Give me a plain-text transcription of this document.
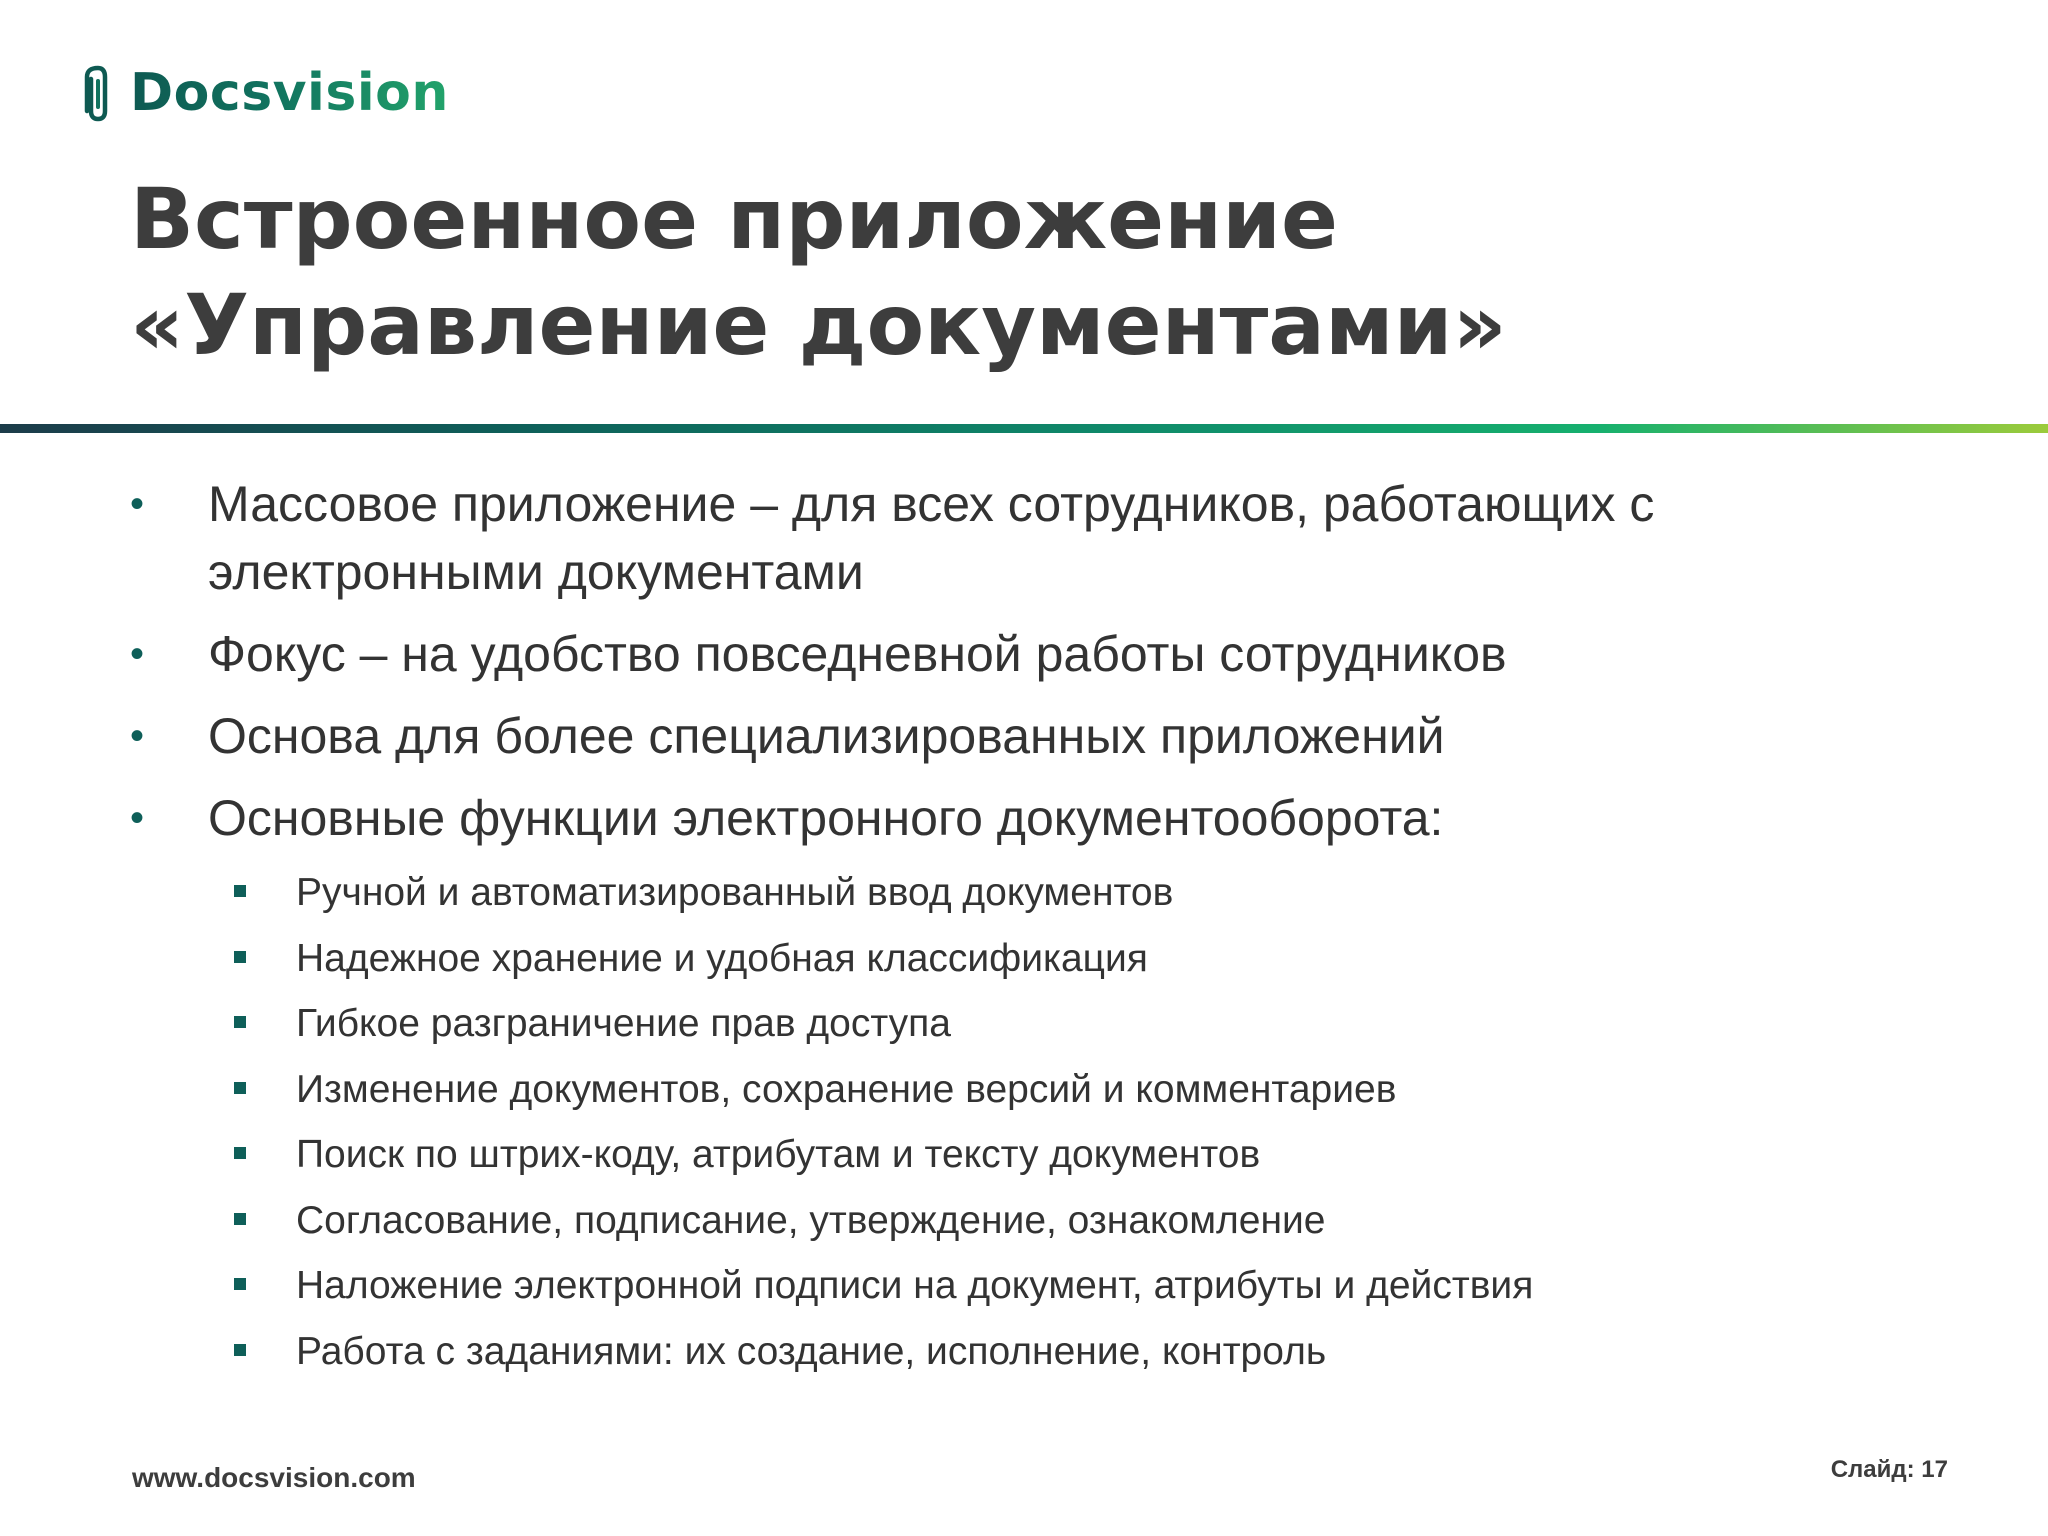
Docsvision
Встроенное приложение
«Управление документами»
• Массовое приложение – для всех сотрудников, работающих с электронными документами
• Фокус – на удобство повседневной работы сотрудников
• Основа для более специализированных приложений
• Основные функции электронного документооборота:
Ручной и автоматизированный ввод документов
Надежное хранение и удобная классификация
Гибкое разграничение прав доступа
Изменение документов, сохранение версий и комментариев
Поиск по штрих-коду, атрибутам и тексту документов
Согласование, подписание, утверждение, ознакомление
Наложение электронной подписи на документ, атрибуты и действия
Работа с заданиями: их создание, исполнение, контроль
www.docsvision.com	Слайд: 17
